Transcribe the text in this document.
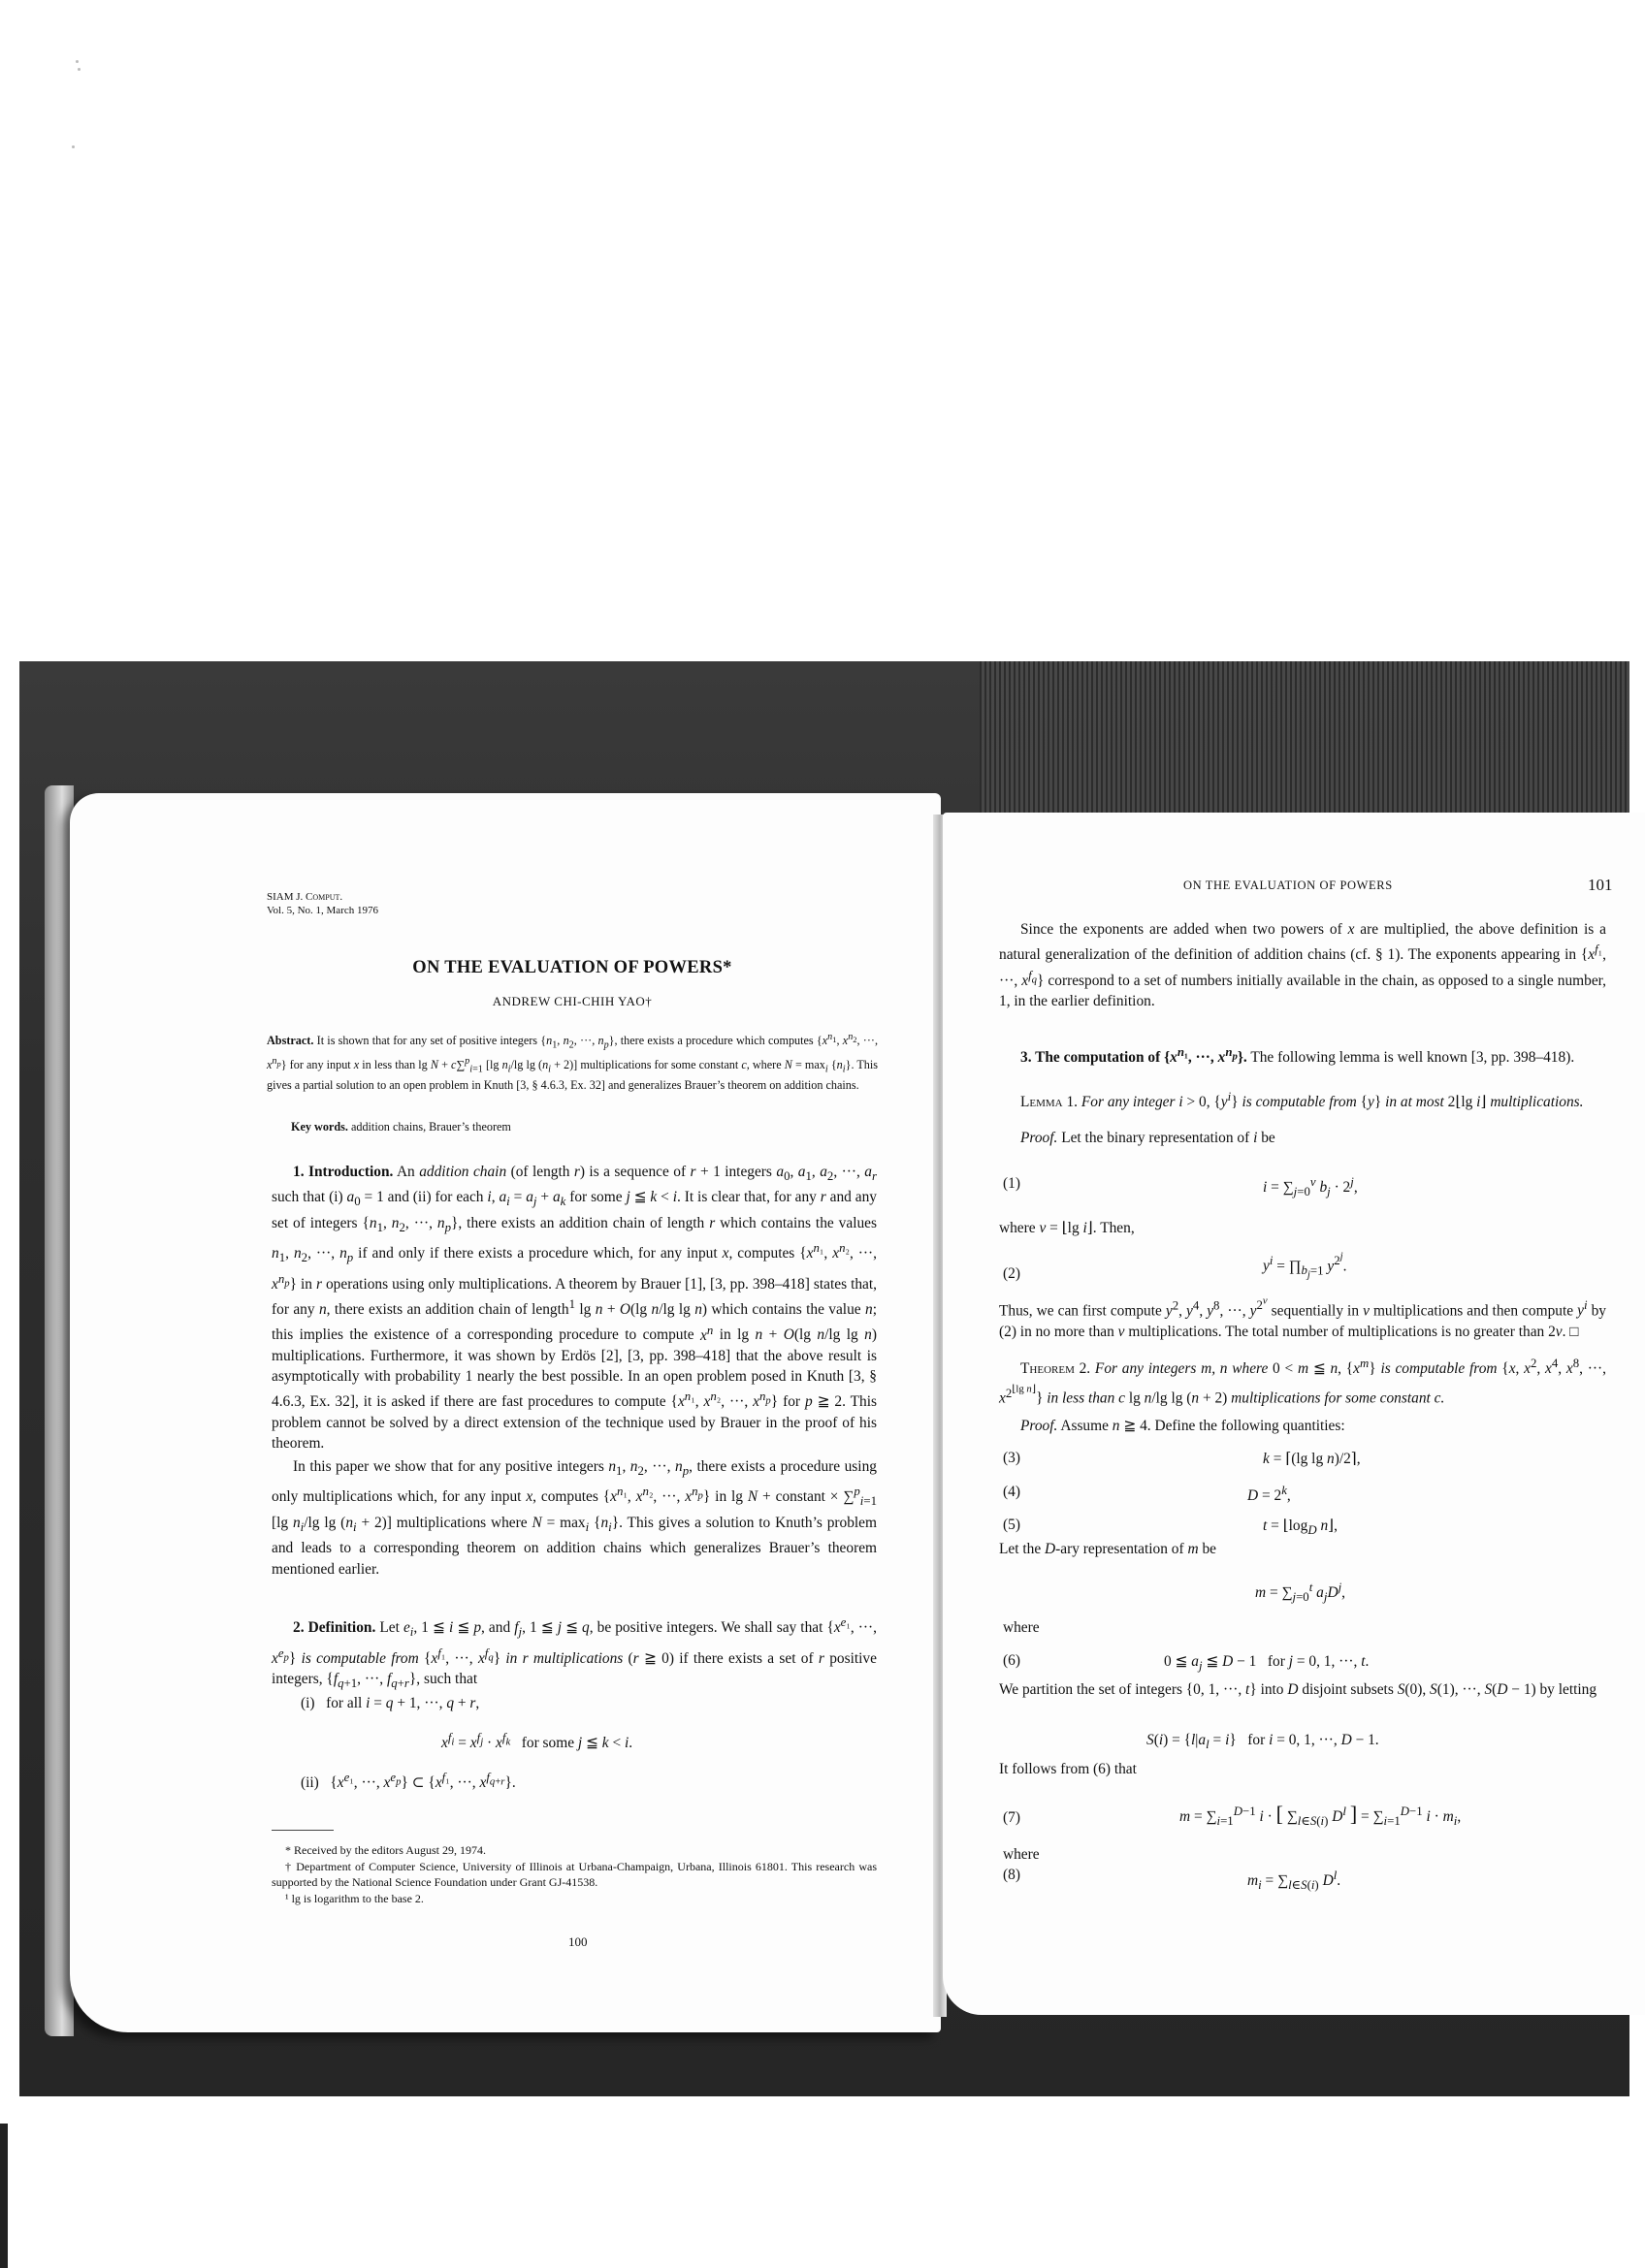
SIAM J. Comput.
Vol. 5, No. 1, March 1976
ON THE EVALUATION OF POWERS*
ANDREW CHI-CHIH YAO†
Abstract. It is shown that for any set of positive integers {$n_1$, $n_2$, ···, $n_p$}, there exists a procedure which computes {$x^{n_1}$, $x^{n_2}$, ···, $x^{n_p}$} for any input x in less than lg N + c∑$^p_{i=1}$ [lg $n_i/\lg$ $\lg (n_i + 2)$] multiplications for some constant c, where $N = \max_i \{n_i\}$. This gives a partial solution to an open problem in Knuth [3, § 4.6.3, Ex. 32] and generalizes Brauer’s theorem on addition chains.
Key words. addition chains, Brauer’s theorem
1. Introduction. An addition chain (of length r) is a sequence of r + 1 integers $a_0$, $a_1$, $a_2$, ···, $a_r$ such that (i) $a_0 = 1$ and (ii) for each i, $a_i = a_j + a_k$ for some j ≦ k < i. It is clear that, for any r and any set of integers {$n_1$, $n_2$, ···, $n_p$}, there exists an addition chain of length r which contains the values $n_1$, $n_2$, ···, $n_p$ if and only if there exists a procedure which, for any input x, computes {$x^{n_1}$, $x^{n_2}$, ···, $x^{n_p}$} in r operations using only multiplications. A theorem by Brauer [1], [3, pp. 398–418] states that, for any n, there exists an addition chain of length$^1$ lg n + O(lg n/lg lg n) which contains the value n; this implies the existence of a corresponding procedure to compute $x^n$ in lg n + O(lg n/lg lg n) multiplications. Furthermore, it was shown by Erdös [2], [3, pp. 398–418] that the above result is asymptotically with probability 1 nearly the best possible. In an open problem posed in Knuth [3, § 4.6.3, Ex. 32], it is asked if there are fast procedures to compute {$x^{n_1}$, $x^{n_2}$, ···, $x^{n_p}$} for p ≧ 2. This problem cannot be solved by a direct extension of the technique used by Brauer in the proof of his theorem.
In this paper we show that for any positive integers $n_1$, $n_2$, ···, $n_p$, there exists a procedure using only multiplications which, for any input x, computes {$x^{n_1}$, $x^{n_2}$, ···, $x^{n_p}$} in lg N + constant × ∑$^p_{i=1}$ [lg $n_i/\lg$ $\lg (n_i + 2)$] multiplications where $N = \max_i \{n_i\}$. This gives a solution to Knuth’s problem and leads to a corresponding theorem on addition chains which generalizes Brauer’s theorem mentioned earlier.
2. Definition. Let $e_i$, 1 ≦ i ≦ p, and $f_j$, 1 ≦ j ≦ q, be positive integers. We shall say that {$x^{e_1}$, ···, $x^{e_p}$} is computable from {$x^{f_1}$, ···, $x^{f_q}$} in r multiplications (r ≧ 0) if there exists a set of r positive integers, {$f_{q+1}$, ···, $f_{q+r}$}, such that
(i)   for all i = q + 1, ···, q + r,
$x^{f_i} = x^{f_j} \cdot x^{f_k}$   for some j ≦ k < i.
(ii)   {$x^{e_1}$, ···, $x^{e_p}$} ⊂ {$x^{f_1}$, ···, $x^{f_{q+r}}$}.
* Received by the editors August 29, 1974.
† Department of Computer Science, University of Illinois at Urbana-Champaign, Urbana, Illinois 61801. This research was supported by the National Science Foundation under Grant GJ-41538.
¹ lg is logarithm to the base 2.
100
ON THE EVALUATION OF POWERS	101
Since the exponents are added when two powers of x are multiplied, the above definition is a natural generalization of the definition of addition chains (cf. § 1). The exponents appearing in {$x^{f_1}$, ···, $x^{f_q}$} correspond to a set of numbers initially available in the chain, as opposed to a single number, 1, in the earlier definition.
3. The computation of {$x^{n_1}$, ···, $x^{n_p}$}. The following lemma is well known [3, pp. 398–418).
Lemma 1. For any integer i > 0, $\{y^i\}$ is computable from {y} in at most 2⌊lg i⌋ multiplications.
Proof. Let the binary representation of i be
(1)	$i = \sum_{j=0}^v$ $b_j \cdot 2^j$,
where v = ⌊lg i⌋. Then,
(2)	$y^i$ = $\prod_{b_j=1}$ $y^{2^j}$.
Thus, we can first compute $y^2$, $y^4$, $y^8$, ···, $y^{2^v}$ sequentially in v multiplications and then compute $y^i$ by (2) in no more than v multiplications. The total number of multiplications is no greater than 2v. □
Theorem 2. For any integers m, n where 0 < m ≦ n, $\{x^m\}$ is computable from {x, $x^2$, $x^4$, $x^8$, ···, $x^{2^{⌊lg n⌋}}$} in less than c lg n/lg lg (n + 2) multiplications for some constant c.
Proof. Assume n ≧ 4. Define the following quantities:
(3)	k = ⌈(lg lg n)/2⌉,
(4)	$D = 2^k$,
(5)	$t = ⌊\log_D$ n⌋,
Let the D-ary representation of m be
$m = \sum_{j=0}^t$ $a_jD^j$,
where
(6)	0 ≦ $a_j$ ≦ D − 1   for j = 0, 1, ···, t.
We partition the set of integers {0, 1, ···, t} into D disjoint subsets S(0), S(1), ···, S(D − 1) by letting
$S(i) = \{l|a_l = i\}$   for i = 0, 1, ···, D − 1.
It follows from (6) that
(7)	$m = \sum_{i=1}^{D-1}$ i · [ $\sum_{l\in S(i)}$ $D^l$ ] = $\sum_{i=1}^{D-1}$ $i \cdot m_i$,
where
(8)	$m_i = \sum_{l\in S(i)}$ $D^l$.
